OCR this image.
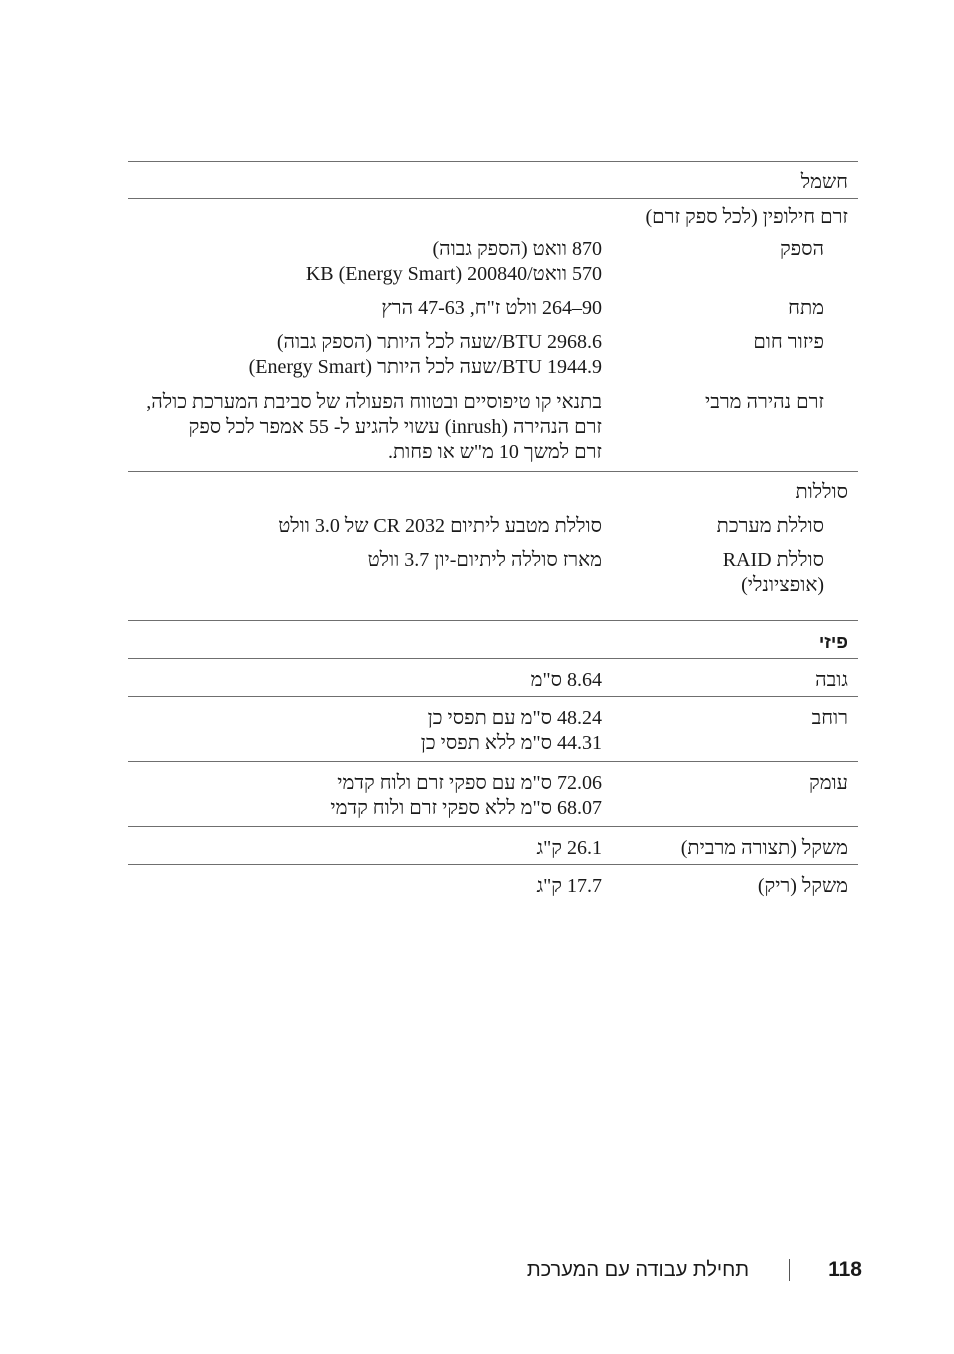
חשמל
זרם חילופין (לכל ספק זרם)
הספק
870 וואט (הספק גבוה)
570 וואט/200840 KB (Energy Smart)
מתח
90–264 וולט ז"ח, 47-63 הרץ
פיזור חום
2968.6 BTU/שעה לכל היותר (הספק גבוה)
1944.9 BTU/שעה לכל היותר (Energy Smart)
זרם נהירה מרבי
בתנאי קו טיפוסיים ובטווח הפעולה של סביבת המערכת כולה,
זרם הנהירה (inrush) עשוי להגיע ל- 55 אמפר לכל ספק
זרם למשך 10 מ"ש או פחות.
סוללות
סוללת מערכת
סוללת מטבע ליתיום CR 2032 של 3.0 וולט
סוללת RAID
(אופציונלי)
מארז סוללה ליתיום-יון 3.7 וולט
פיזי
גובה
8.64 ס"מ
רוחב
48.24 ס"מ עם תפסי כן
44.31 ס"מ ללא תפסי כן
עומק
72.06 ס"מ עם ספקי זרם ולוח קדמי
68.07 ס"מ ללא ספקי זרם ולוח קדמי
משקל (תצורה מרבית)
26.1 ק"ג
משקל (ריק)
17.7 ק"ג
118
תחילת עבודה עם המערכת
